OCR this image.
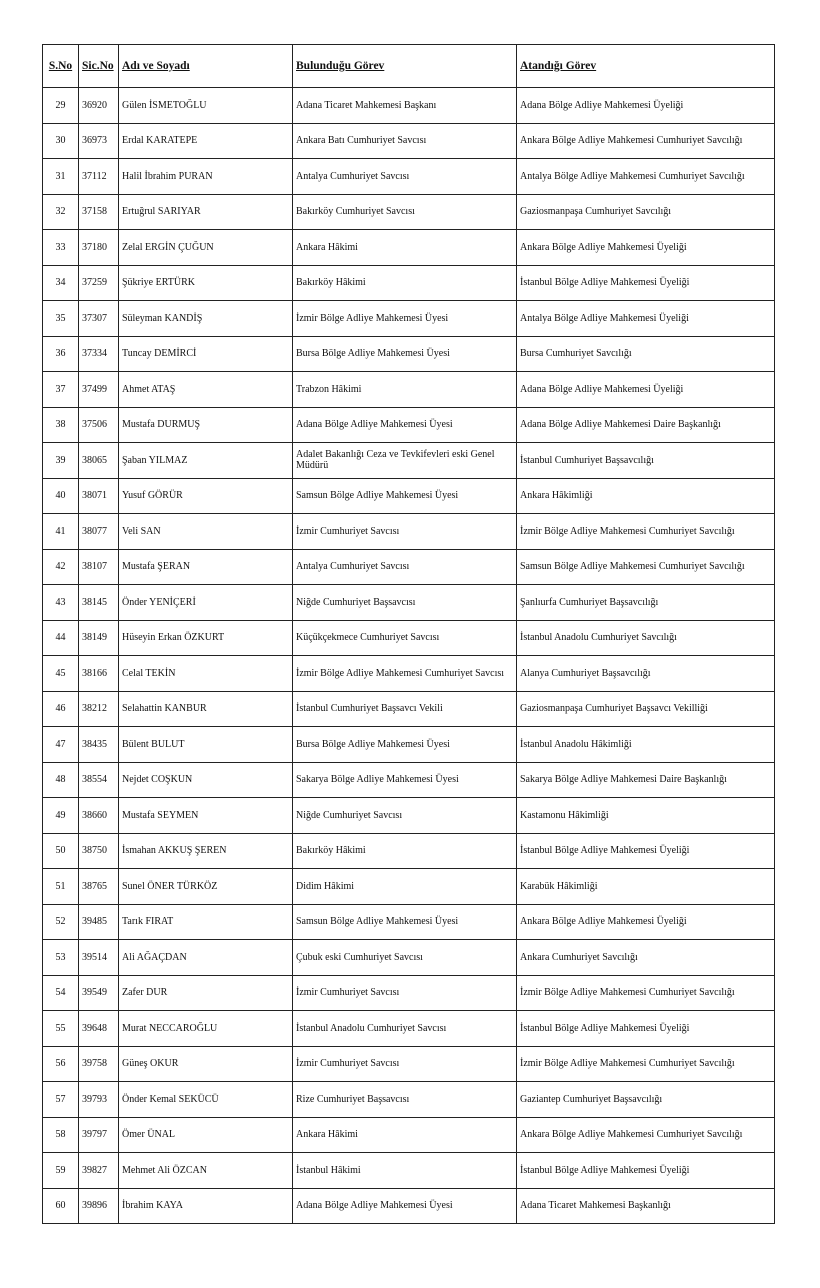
S.No	Sic.No	Adı ve Soyadı	Bulunduğu Görev	Atandığı Görev
29	36920	Gülen İSMETOĞLU	Adana Ticaret Mahkemesi Başkanı	Adana Bölge Adliye Mahkemesi Üyeliği
30	36973	Erdal KARATEPE	Ankara Batı Cumhuriyet Savcısı	Ankara Bölge Adliye Mahkemesi Cumhuriyet Savcılığı
31	37112	Halil İbrahim PURAN	Antalya Cumhuriyet Savcısı	Antalya Bölge Adliye Mahkemesi Cumhuriyet Savcılığı
32	37158	Ertuğrul SARIYAR	Bakırköy Cumhuriyet Savcısı	Gaziosmanpaşa Cumhuriyet Savcılığı
33	37180	Zelal ERGİN ÇUĞUN	Ankara Hâkimi	Ankara Bölge Adliye Mahkemesi Üyeliği
34	37259	Şükriye ERTÜRK	Bakırköy Hâkimi	İstanbul Bölge Adliye Mahkemesi Üyeliği
35	37307	Süleyman KANDİŞ	İzmir Bölge Adliye Mahkemesi Üyesi	Antalya Bölge Adliye Mahkemesi Üyeliği
36	37334	Tuncay DEMİRCİ	Bursa Bölge Adliye Mahkemesi Üyesi	Bursa Cumhuriyet Savcılığı
37	37499	Ahmet ATAŞ	Trabzon Hâkimi	Adana Bölge Adliye Mahkemesi Üyeliği
38	37506	Mustafa DURMUŞ	Adana Bölge Adliye Mahkemesi Üyesi	Adana Bölge Adliye Mahkemesi Daire Başkanlığı
39	38065	Şaban YILMAZ	Adalet Bakanlığı Ceza ve Tevkifevleri eski Genel Müdürü	İstanbul Cumhuriyet Başsavcılığı
40	38071	Yusuf GÖRÜR	Samsun Bölge Adliye Mahkemesi Üyesi	Ankara Hâkimliği
41	38077	Veli SAN	İzmir Cumhuriyet Savcısı	İzmir Bölge Adliye Mahkemesi Cumhuriyet Savcılığı
42	38107	Mustafa ŞERAN	Antalya Cumhuriyet Savcısı	Samsun Bölge Adliye Mahkemesi Cumhuriyet Savcılığı
43	38145	Önder YENİÇERİ	Niğde Cumhuriyet Başsavcısı	Şanlıurfa Cumhuriyet Başsavcılığı
44	38149	Hüseyin Erkan ÖZKURT	Küçükçekmece Cumhuriyet Savcısı	İstanbul Anadolu Cumhuriyet Savcılığı
45	38166	Celal TEKİN	İzmir Bölge Adliye Mahkemesi Cumhuriyet Savcısı	Alanya Cumhuriyet Başsavcılığı
46	38212	Selahattin KANBUR	İstanbul Cumhuriyet Başsavcı Vekili	Gaziosmanpaşa Cumhuriyet Başsavcı Vekilliği
47	38435	Bülent BULUT	Bursa Bölge Adliye Mahkemesi Üyesi	İstanbul Anadolu Hâkimliği
48	38554	Nejdet COŞKUN	Sakarya Bölge Adliye Mahkemesi Üyesi	Sakarya Bölge Adliye Mahkemesi Daire Başkanlığı
49	38660	Mustafa SEYMEN	Niğde Cumhuriyet Savcısı	Kastamonu Hâkimliği
50	38750	İsmahan AKKUŞ ŞEREN	Bakırköy Hâkimi	İstanbul Bölge Adliye Mahkemesi Üyeliği
51	38765	Sunel ÖNER TÜRKÖZ	Didim Hâkimi	Karabük Hâkimliği
52	39485	Tarık FIRAT	Samsun Bölge Adliye Mahkemesi Üyesi	Ankara Bölge Adliye Mahkemesi Üyeliği
53	39514	Ali AĞAÇDAN	Çubuk eski Cumhuriyet Savcısı	Ankara Cumhuriyet Savcılığı
54	39549	Zafer DUR	İzmir Cumhuriyet Savcısı	İzmir Bölge Adliye Mahkemesi Cumhuriyet Savcılığı
55	39648	Murat NECCAROĞLU	İstanbul Anadolu Cumhuriyet Savcısı	İstanbul Bölge Adliye Mahkemesi Üyeliği
56	39758	Güneş OKUR	İzmir Cumhuriyet Savcısı	İzmir Bölge Adliye Mahkemesi Cumhuriyet Savcılığı
57	39793	Önder Kemal SEKÜCÜ	Rize Cumhuriyet Başsavcısı	Gaziantep Cumhuriyet Başsavcılığı
58	39797	Ömer ÜNAL	Ankara Hâkimi	Ankara Bölge Adliye Mahkemesi Cumhuriyet Savcılığı
59	39827	Mehmet Ali ÖZCAN	İstanbul Hâkimi	İstanbul Bölge Adliye Mahkemesi Üyeliği
60	39896	İbrahim KAYA	Adana Bölge Adliye Mahkemesi Üyesi	Adana Ticaret Mahkemesi Başkanlığı
